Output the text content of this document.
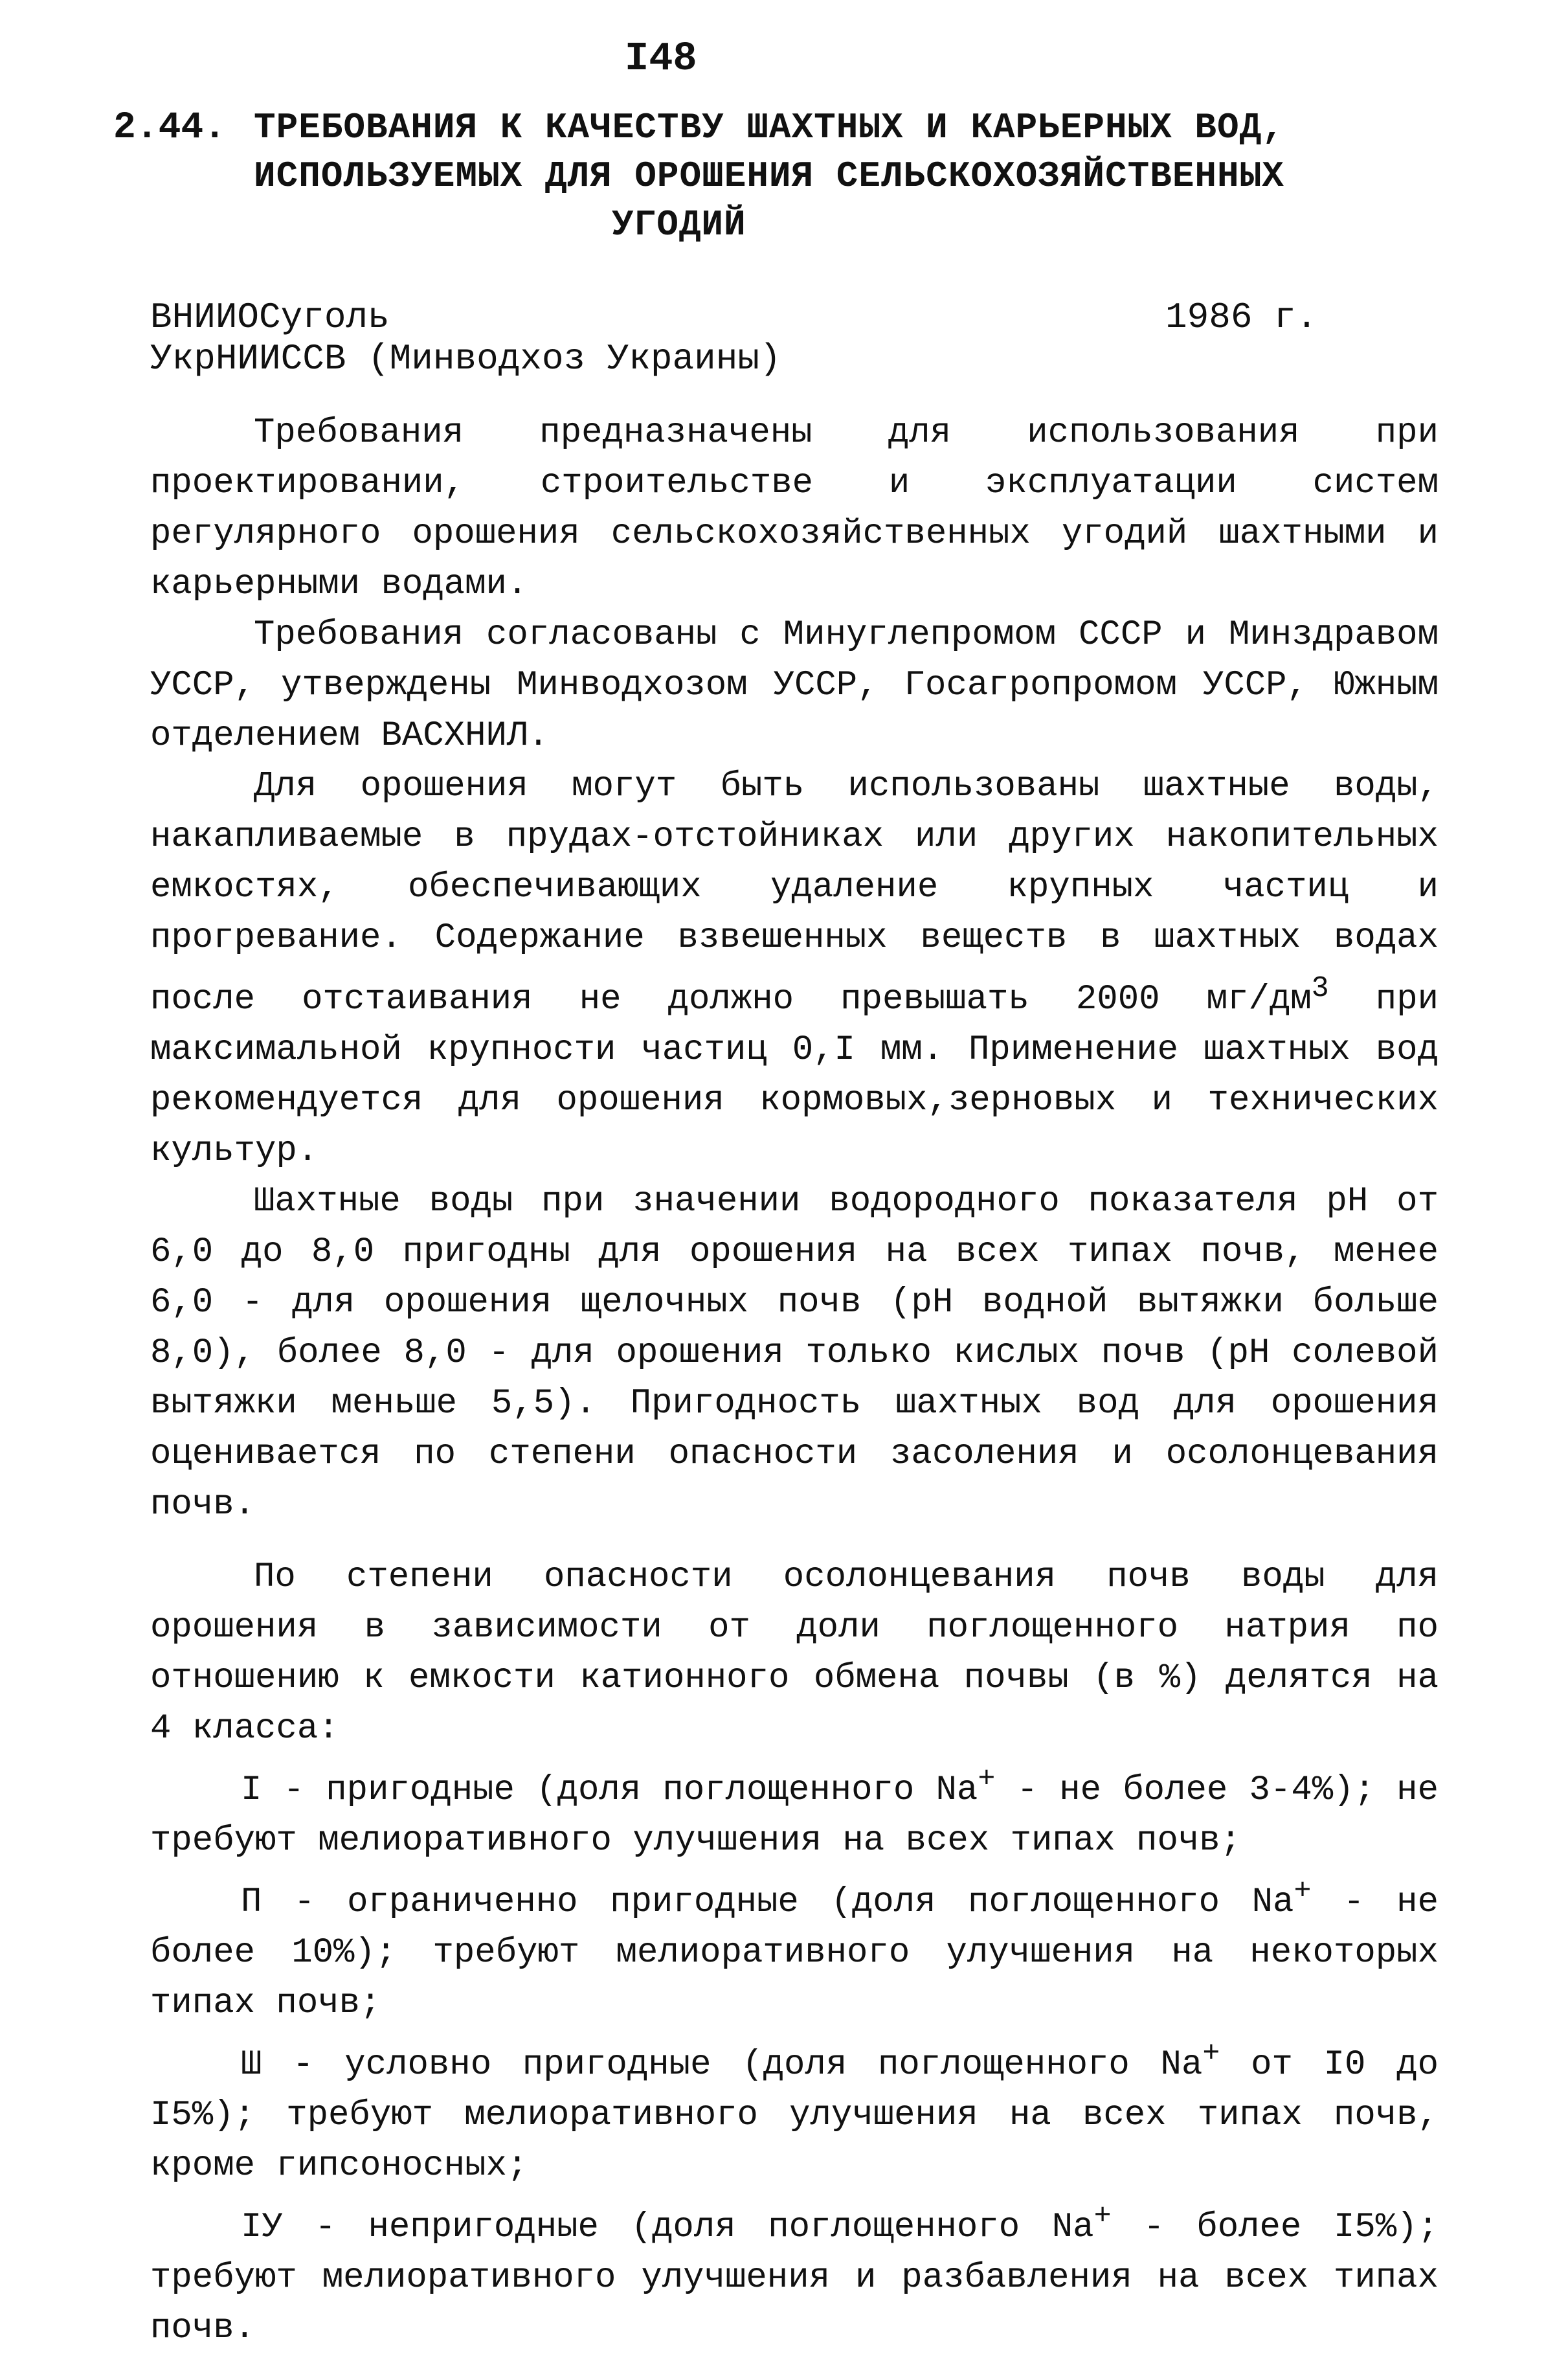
I48
2.44. ТРЕБОВАНИЯ К КАЧЕСТВУ ШАХТНЫХ И КАРЬЕРНЫХ ВОД,
ИСПОЛЬЗУЕМЫХ ДЛЯ ОРОШЕНИЯ СЕЛЬСКОХОЗЯЙСТВЕННЫХ
УГОДИЙ
ВНИИОСуголь
УкрНИИССВ (Минводхоз Украины)
1986 г.

Требования предназначены для использования при проектировании, строительстве и эксплуатации систем регулярного орошения сельскохозяйственных угодий шахтными и карьерными водами.

Требования согласованы с Минуглепромом СССР и Минздравом УССР, утверждены Минводхозом УССР, Госагропромом УССР, Южным отделением ВАСХНИЛ.

Для орошения могут быть использованы шахтные воды, накапливаемые в прудах-отстойниках или других накопительных емкостях, обеспечивающих удаление крупных частиц и прогревание. Содержание взвешенных веществ в шахтных водах после отстаивания не должно превышать 2000 $мг/дм^3$ при максимальной крупности частиц 0,I мм. Применение шахтных вод рекомендуется для орошения кормовых,зерновых и технических культур.

Шахтные воды при значении водородного показателя pH от 6,0 до 8,0 пригодны для орошения на всех типах почв, менее 6,0 - для орошения щелочных почв (pH водной вытяжки больше 8,0), более 8,0 - для орошения только кислых почв (pH солевой вытяжки меньше 5,5). Пригодность шахтных вод для орошения оценивается по степени опасности засоления и осолонцевания почв.

По степени опасности осолонцевания почв воды для орошения в зависимости от доли поглощенного натрия по отношению к емкости катионного обмена почвы (в %) делятся на 4 класса:

I - пригодные (доля поглощенного Na+ - не более 3-4%); не требуют мелиоративного улучшения на всех типах почв;

П - ограниченно пригодные (доля поглощенного Na+ - не более 10%); требуют мелиоративного улучшения на некоторых типах почв;

Ш - условно пригодные (доля поглощенного Na+ от I0 до I5%); требуют мелиоративного улучшения на всех типах почв, кроме гипсоносных;

IУ - непригодные (доля поглощенного Na+ - более I5%); требуют мелиоративного улучшения и разбавления на всех типах почв.
